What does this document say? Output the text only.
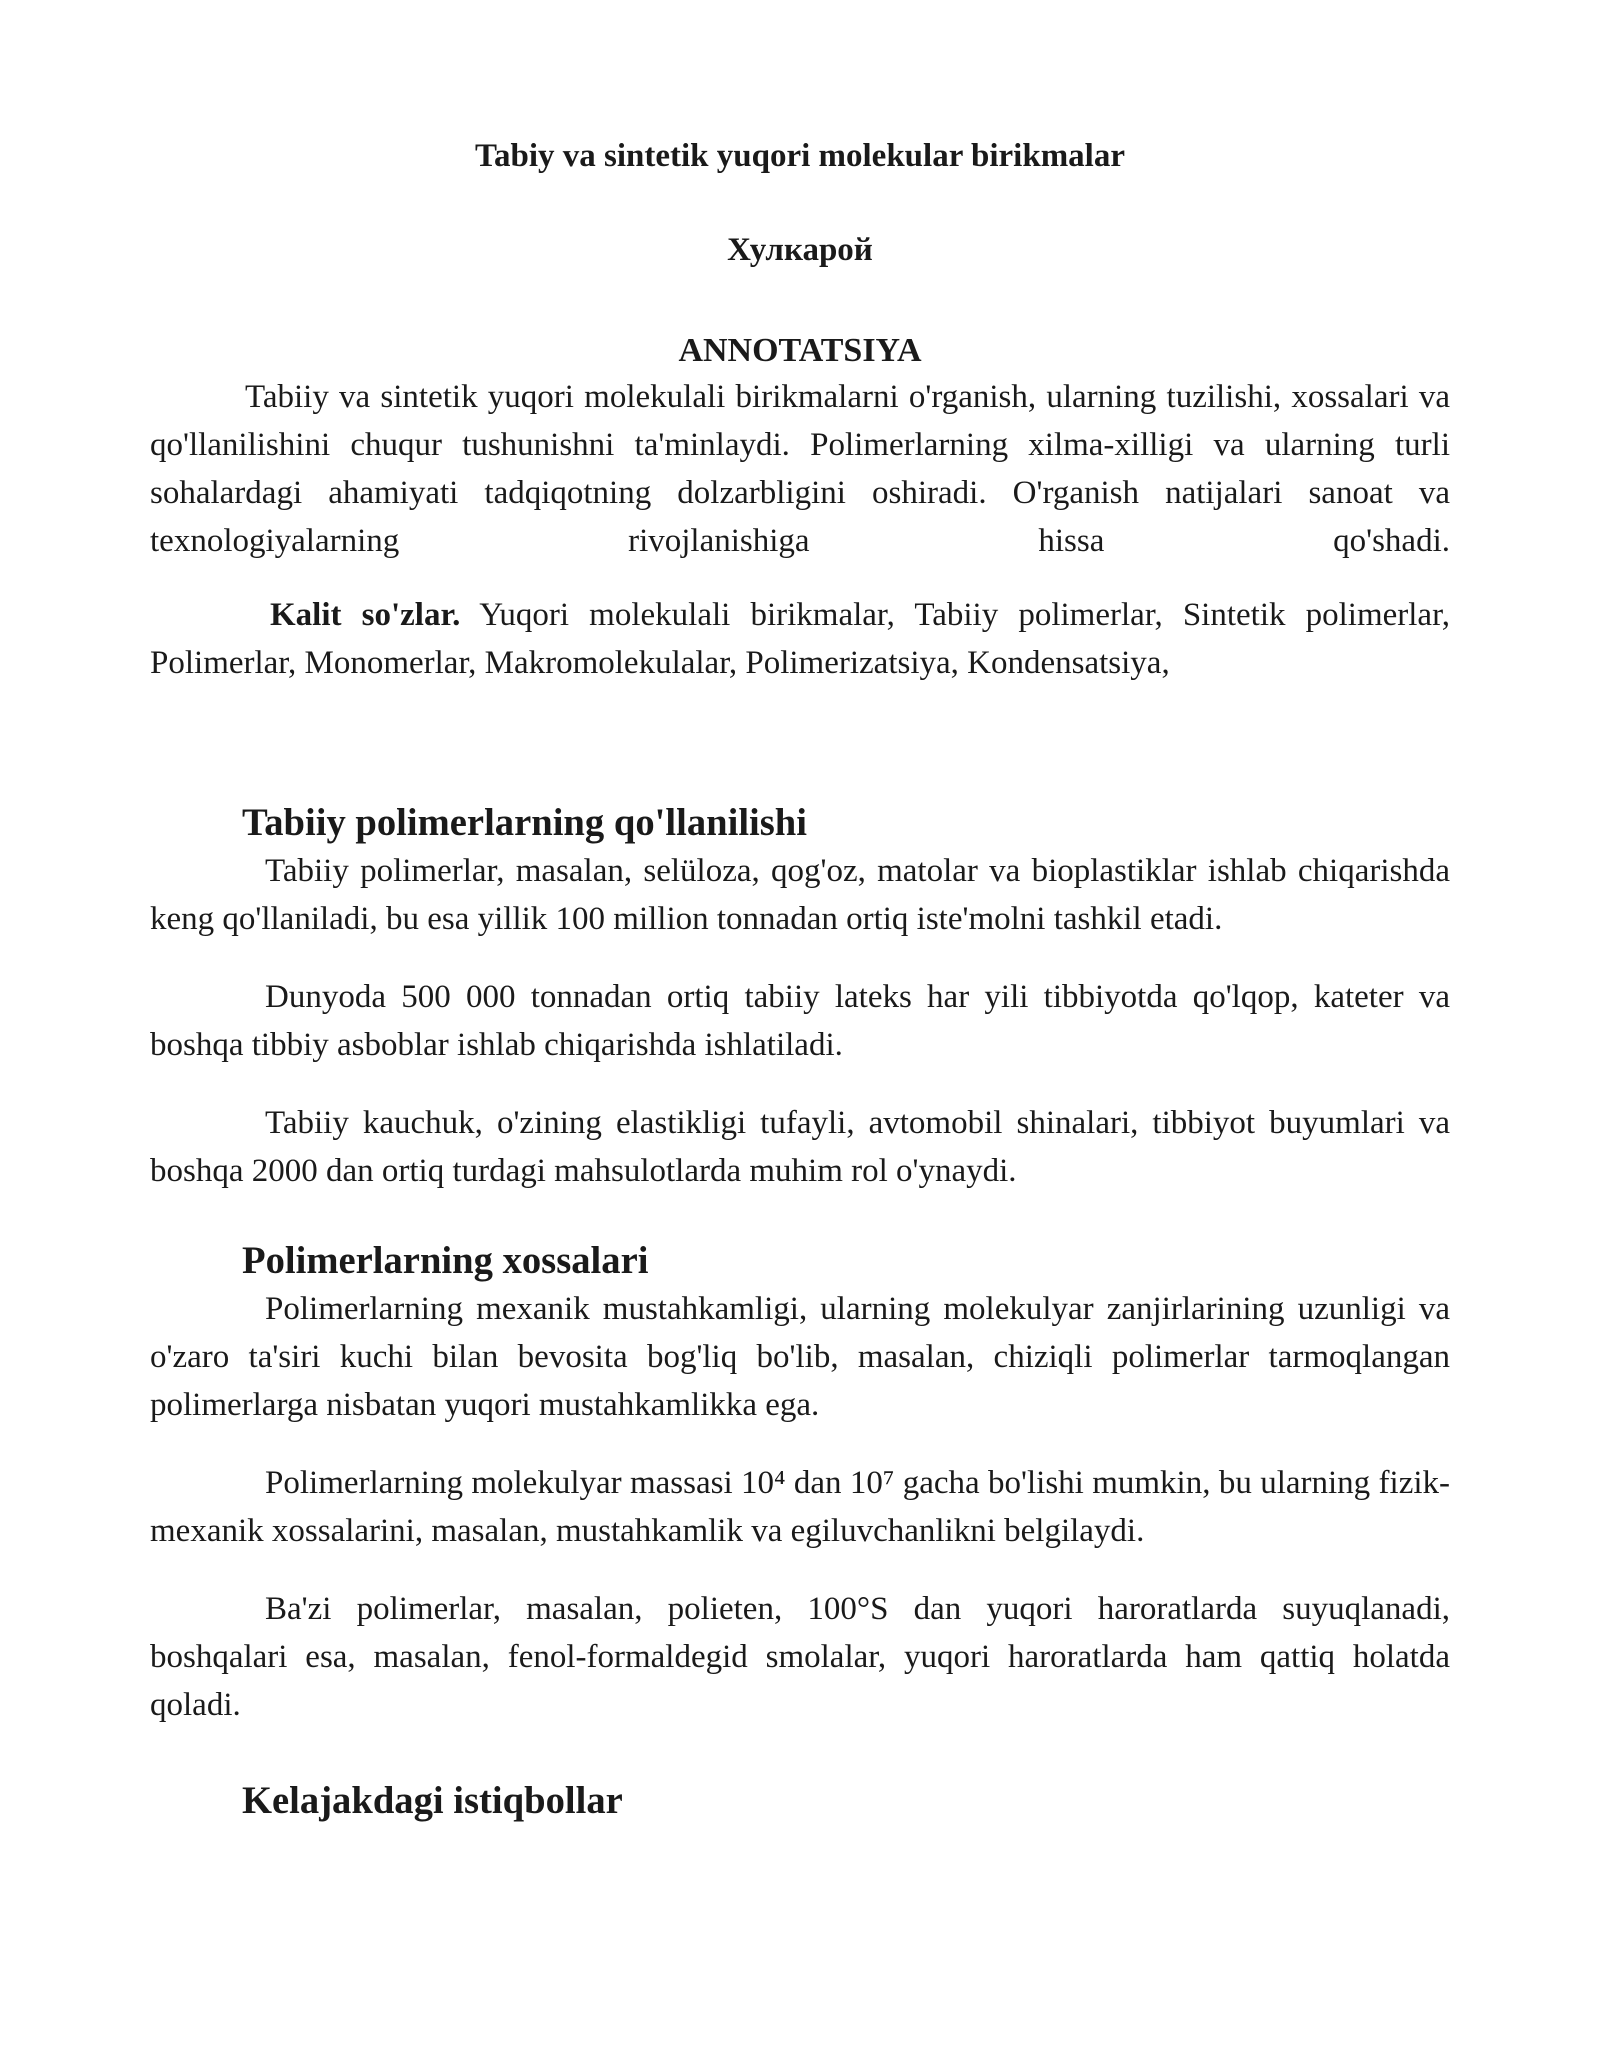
Tabiy va sintetik yuqori molekular birikmalar
Хулкарой
ANNOTATSIYA

Tabiiy va sintetik yuqori molekulali birikmalarni o'rganish, ularning tuzilishi, xossalari va qo'llanilishini chuqur tushunishni ta'minlaydi. Polimerlarning xilma-xilligi va ularning turli sohalardagi ahamiyati tadqiqotning dolzarbligini oshiradi. O'rganish natijalari sanoat va texnologiyalarning rivojlanishiga hissa qo'shadi.

Kalit so'zlar. Yuqori molekulali birikmalar, Tabiiy polimerlar, Sintetik polimerlar, Polimerlar, Monomerlar, Makromolekulalar, Polimerizatsiya, Kondensatsiya,

Tabiiy polimerlarning qo'llanilishi

Tabiiy polimerlar, masalan, selüloza, qog'oz, matolar va bioplastiklar ishlab chiqarishda keng qo'llaniladi, bu esa yillik 100 million tonnadan ortiq iste'molni tashkil etadi.

Dunyoda 500 000 tonnadan ortiq tabiiy lateks har yili tibbiyotda qo'lqop, kateter va boshqa tibbiy asboblar ishlab chiqarishda ishlatiladi.

Tabiiy kauchuk, o'zining elastikligi tufayli, avtomobil shinalari, tibbiyot buyumlari va boshqa 2000 dan ortiq turdagi mahsulotlarda muhim rol o'ynaydi.

Polimerlarning xossalari

Polimerlarning mexanik mustahkamligi, ularning molekulyar zanjirlarining uzunligi va o'zaro ta'siri kuchi bilan bevosita bog'liq bo'lib, masalan, chiziqli polimerlar tarmoqlangan polimerlarga nisbatan yuqori mustahkamlikka ega.

Polimerlarning molekulyar massasi 10⁴ dan 10⁷ gacha bo'lishi mumkin, bu ularning fizik-mexanik xossalarini, masalan, mustahkamlik va egiluvchanlikni belgilaydi.

Ba'zi polimerlar, masalan, polieten, 100°S dan yuqori haroratlarda suyuqlanadi, boshqalari esa, masalan, fenol-formaldegid smolalar, yuqori haroratlarda ham qattiq holatda qoladi.

Kelajakdagi istiqbollar
